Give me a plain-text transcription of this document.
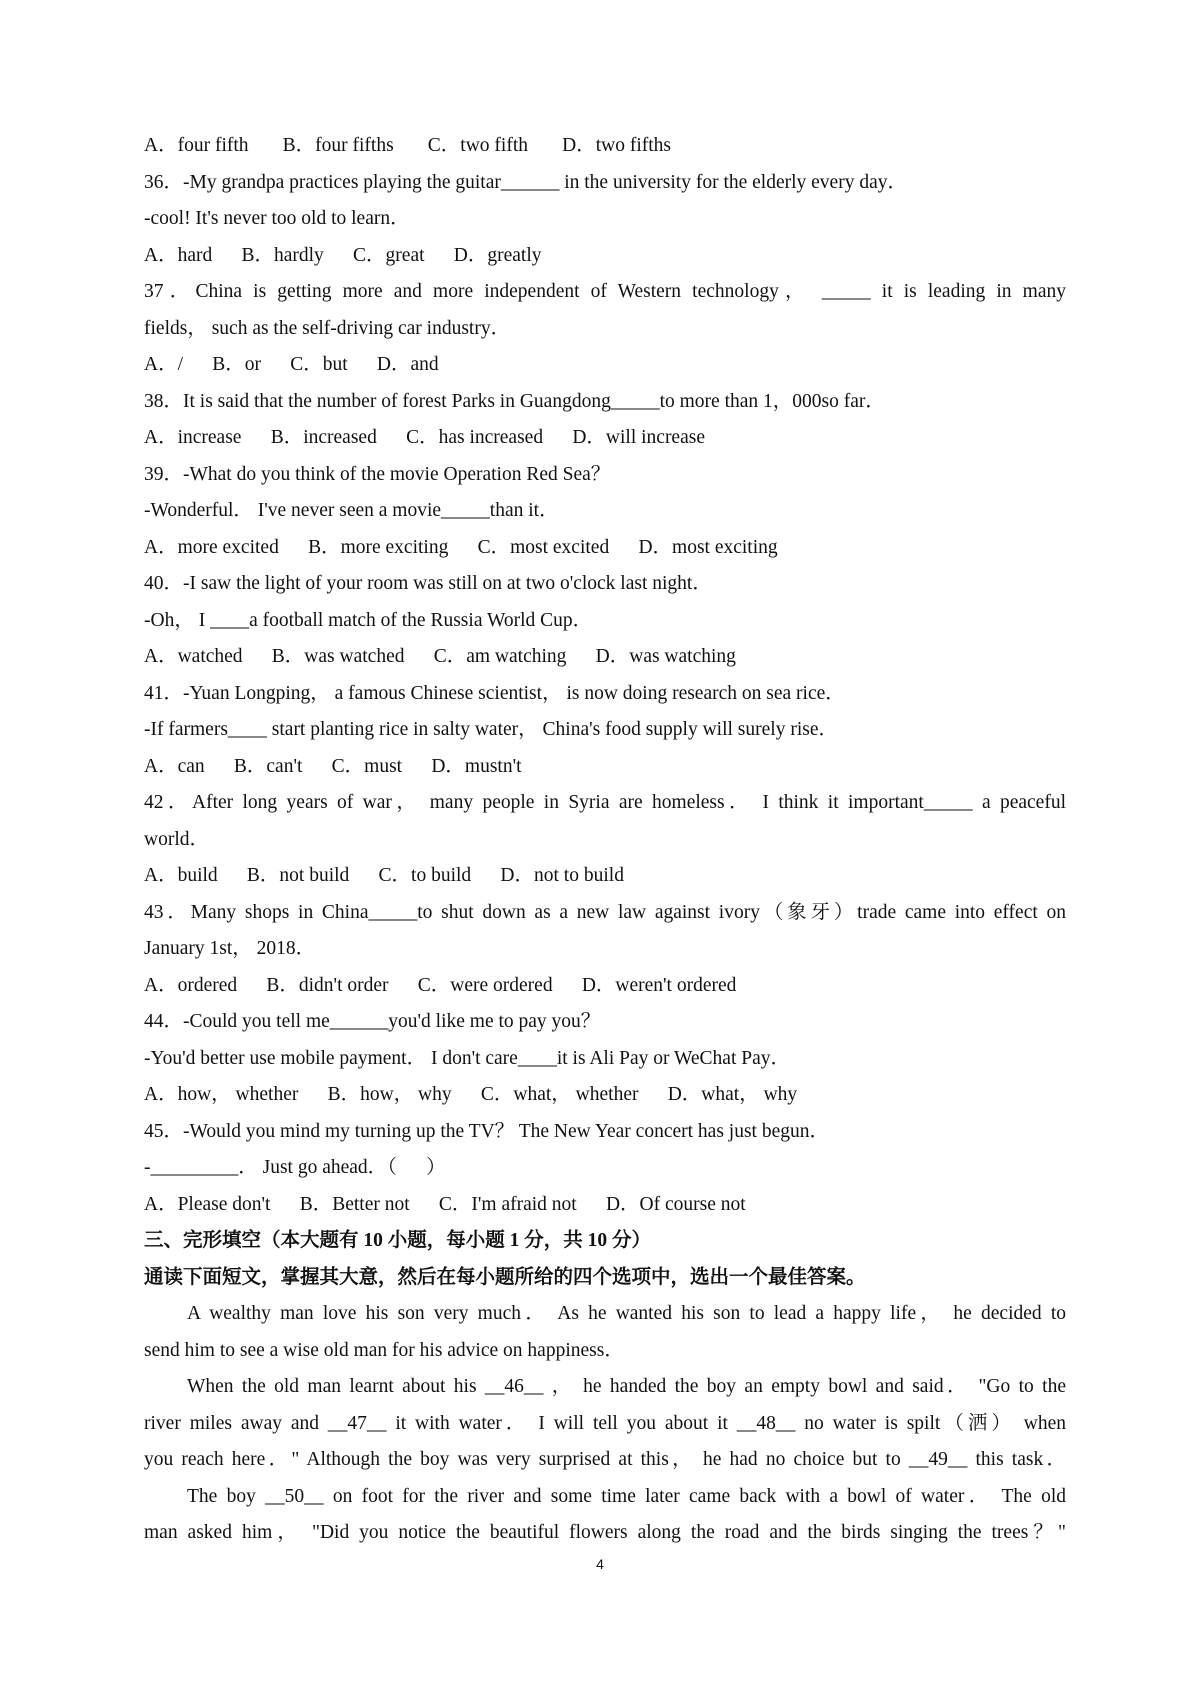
A．four fifth       B．four fifths       C．two fifth       D．two fifths
36．-My grandpa practices playing the guitar______ in the university for the elderly every day．
-cool! It's never too old to learn．
A．hard      B．hardly      C．great      D．greatly
37．China is getting more and more independent of Western technology， _____ it is leading in many
fields， such as the self-driving car industry．
A．/      B．or      C．but      D．and
38．It is said that the number of forest Parks in Guangdong_____to more than 1，000so far．
A．increase      B．increased      C．has increased      D．will increase
39．-What do you think of the movie Operation Red Sea？
-Wonderful． I've never seen a movie_____than it．
A．more excited      B．more exciting      C．most excited      D．most exciting
40．-I saw the light of your room was still on at two o'clock last night．
-Oh， I ____a football match of the Russia World Cup．
A．watched      B．was watched      C．am watching      D．was watching
41．-Yuan Longping， a famous Chinese scientist， is now doing research on sea rice．
-If farmers____ start planting rice in salty water， China's food supply will surely rise．
A．can      B．can't      C．must      D．mustn't
42．After long years of war， many people in Syria are homeless． I think it important_____ a peaceful
world．
A．build      B．not build      C．to build      D．not to build
43．Many shops in China_____to shut down as a new law against ivory（象牙）trade came into effect on
January 1st， 2018．
A．ordered      B．didn't order      C．were ordered      D．weren't ordered
44．-Could you tell me______you'd like me to pay you？
-You'd better use mobile payment． I don't care____it is Ali Pay or WeChat Pay．
A．how， whether      B．how， why      C．what， whether      D．what， why
45．-Would you mind my turning up the TV？ The New Year concert has just begun．
-_________． Just go ahead．（      ）
A．Please don't      B．Better not      C．I'm afraid not      D．Of course not
三、完形填空（本大题有 10 小题，每小题 1 分，共 10 分）
通读下面短文，掌握其大意，然后在每小题所给的四个选项中，选出一个最佳答案。
A wealthy man love his son very much． As he wanted his son to lead a happy life， he decided to
send him to see a wise old man for his advice on happiness．
When the old man learnt about his __46__ ， he handed the boy an empty bowl and said． "Go to the
river miles away and __47__ it with water． I will tell you about it __48__ no water is spilt（洒） when
you reach here．" Although the boy was very surprised at this， he had no choice but to __49__ this task．
The boy __50__ on foot for the river and some time later came back with a bowl of water． The old
man asked him， "Did you notice the beautiful flowers along the road and the birds singing the trees？"
4
